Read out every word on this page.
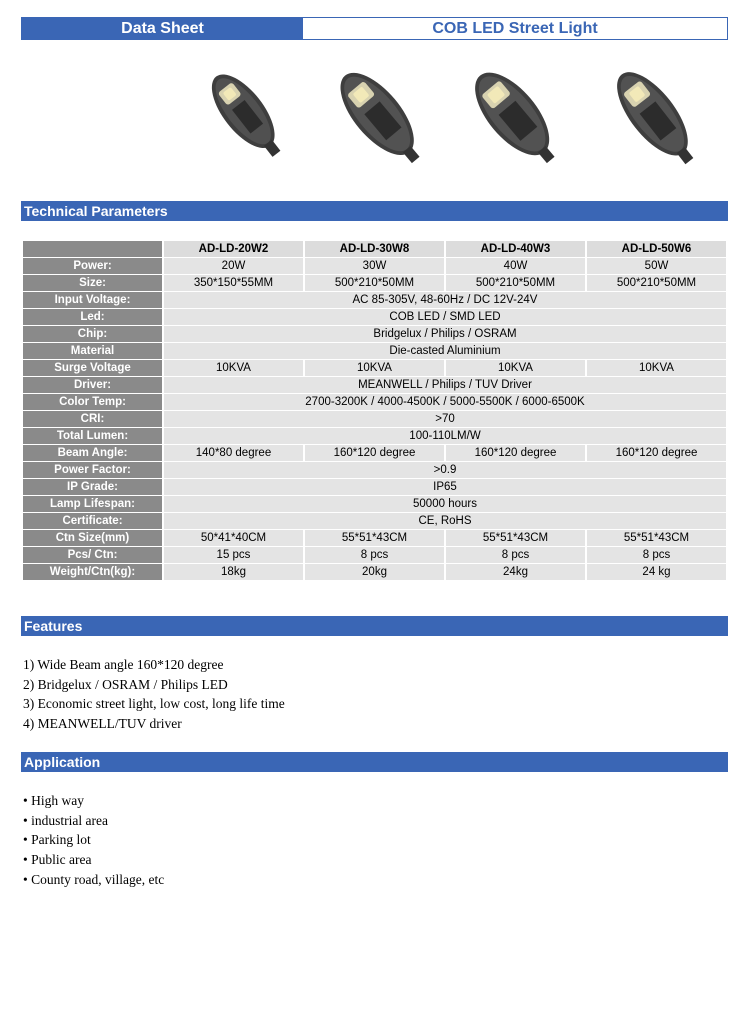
Data Sheet	COB LED Street Light
Technical Parameters
	AD-LD-20W2	AD-LD-30W8	AD-LD-40W3	AD-LD-50W6
Power:	20W	30W	40W	50W
Size:	350*150*55MM	500*210*50MM	500*210*50MM	500*210*50MM
Input Voltage:	AC 85-305V, 48-60Hz / DC 12V-24V			
Led:	COB LED / SMD LED			
Chip:	Bridgelux / Philips / OSRAM			
Material	Die-casted Aluminium			
Surge Voltage	10KVA	10KVA	10KVA	10KVA
Driver:	MEANWELL / Philips / TUV Driver			
Color Temp:	2700-3200K / 4000-4500K / 5000-5500K / 6000-6500K			
CRI:	>70			
Total Lumen:	100-110LM/W			
Beam Angle:	140*80 degree	160*120 degree	160*120 degree	160*120 degree
Power Factor:	>0.9			
IP Grade:	IP65			
Lamp Lifespan:	50000 hours			
Certificate:	CE, RoHS			
Ctn Size(mm)	50*41*40CM	55*51*43CM	55*51*43CM	55*51*43CM
Pcs/ Ctn:	15 pcs	8 pcs	8 pcs	8 pcs
Weight/Ctn(kg):	18kg	20kg	24kg	24 kg
Features
1) Wide Beam angle 160*120 degree
2) Bridgelux / OSRAM / Philips LED
3) Economic street light, low cost, long life time
4) MEANWELL/TUV driver
Application
• High way
• industrial area
• Parking lot
• Public area
• County road, village, etc
